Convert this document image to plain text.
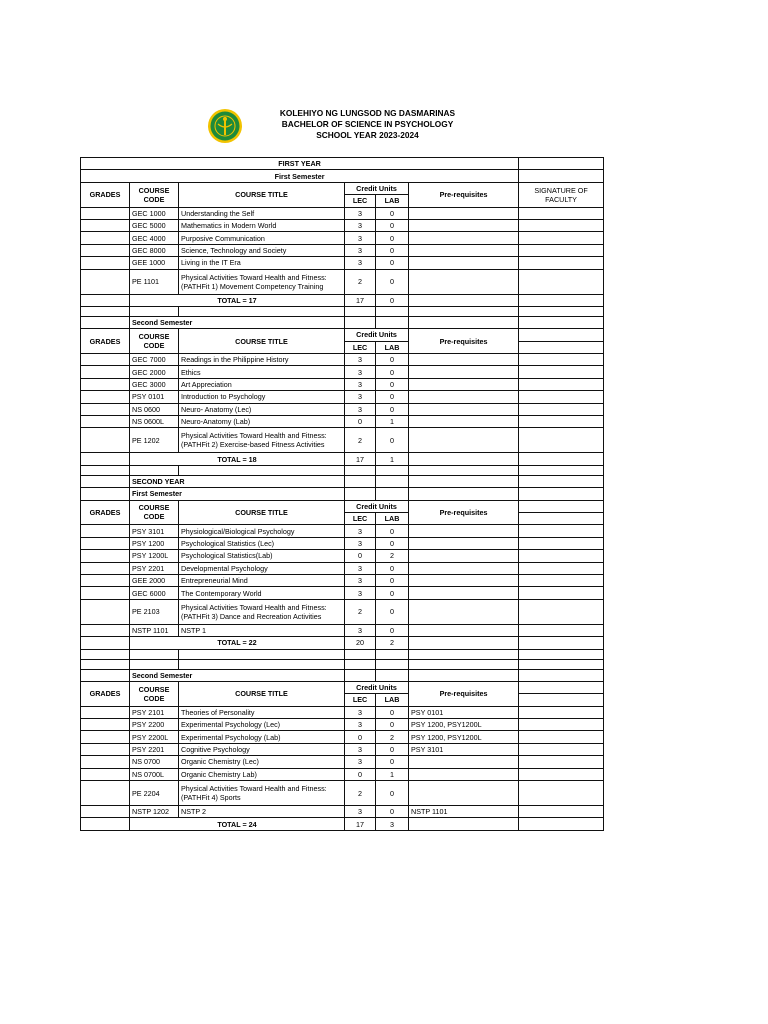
KOLEHIYO NG LUNGSOD NG DASMARINAS
BACHELOR OF SCIENCE IN PSYCHOLOGY
SCHOOL YEAR 2023-2024
FIRST YEAR						
First Semester						
GRADES	COURSE CODE	COURSE TITLE	Credit Units		Pre-requisites	SIGNATURE OF FACULTY
			LEC	LAB		
	GEC 1000	Understanding the Self	3	0		
	GEC 5000	Mathematics in Modern World	3	0		
	GEC 4000	Purposive Communication	3	0		
	GEC 8000	Science, Technology and Society	3	0		
	GEE 1000	Living in the IT Era	3	0		
	PE 1101	Physical Activities Toward Health and Fitness: (PATHFit 1) Movement Competency Training	2	0		
	TOTAL = 17		17	0		

	Second Semester					
GRADES	COURSE CODE	COURSE TITLE	Credit Units		Pre-requisites	
			LEC	LAB		
	GEC 7000	Readings in the Philippine History	3	0		
	GEC 2000	Ethics	3	0		
	GEC 3000	Art Appreciation	3	0		
	PSY 0101	Introduction to Psychology	3	0		
	NS 0600	Neuro- Anatomy (Lec)	3	0		
	NS 0600L	Neuro-Anatomy (Lab)	0	1		
	PE 1202	Physical Activities Toward Health and Fitness: (PATHFit 2) Exercise-based Fitness Activities	2	0		
	TOTAL = 18		17	1		

	SECOND YEAR					
	First Semester					
GRADES	COURSE CODE	COURSE TITLE	Credit Units		Pre-requisites	
			LEC	LAB		
	PSY 3101	Physiological/Biological Psychology	3	0		
	PSY 1200	Psychological Statistics (Lec)	3	0		
	PSY 1200L	Psychological Statistics(Lab)	0	2		
	PSY 2201	Developmental Psychology	3	0		
	GEE 2000	Entrepreneurial Mind	3	0		
	GEC 6000	The Contemporary World	3	0		
	PE 2103	Physical Activities Toward Health and Fitness: (PATHFit 3) Dance and Recreation Activities	2	0		
	NSTP 1101	NSTP 1	3	0		
	TOTAL = 22		20	2		

	Second Semester					
GRADES	COURSE CODE	COURSE TITLE	Credit Units		Pre-requisites	
			LEC	LAB		
	PSY 2101	Theories of Personality	3	0	PSY 0101	
	PSY 2200	Experimental Psychology (Lec)	3	0	PSY 1200, PSY1200L	
	PSY 2200L	Experimental Psychology (Lab)	0	2	PSY 1200, PSY1200L	
	PSY 2201	Cognitive Psychology	3	0	PSY 3101	
	NS 0700	Organic Chemistry (Lec)	3	0		
	NS 0700L	Organic Chemistry Lab)	0	1		
	PE 2204	Physical Activities Toward Health and Fitness: (PATHFit 4) Sports	2	0		
	NSTP 1202	NSTP 2	3	0	NSTP 1101	
	TOTAL = 24		17	3		
